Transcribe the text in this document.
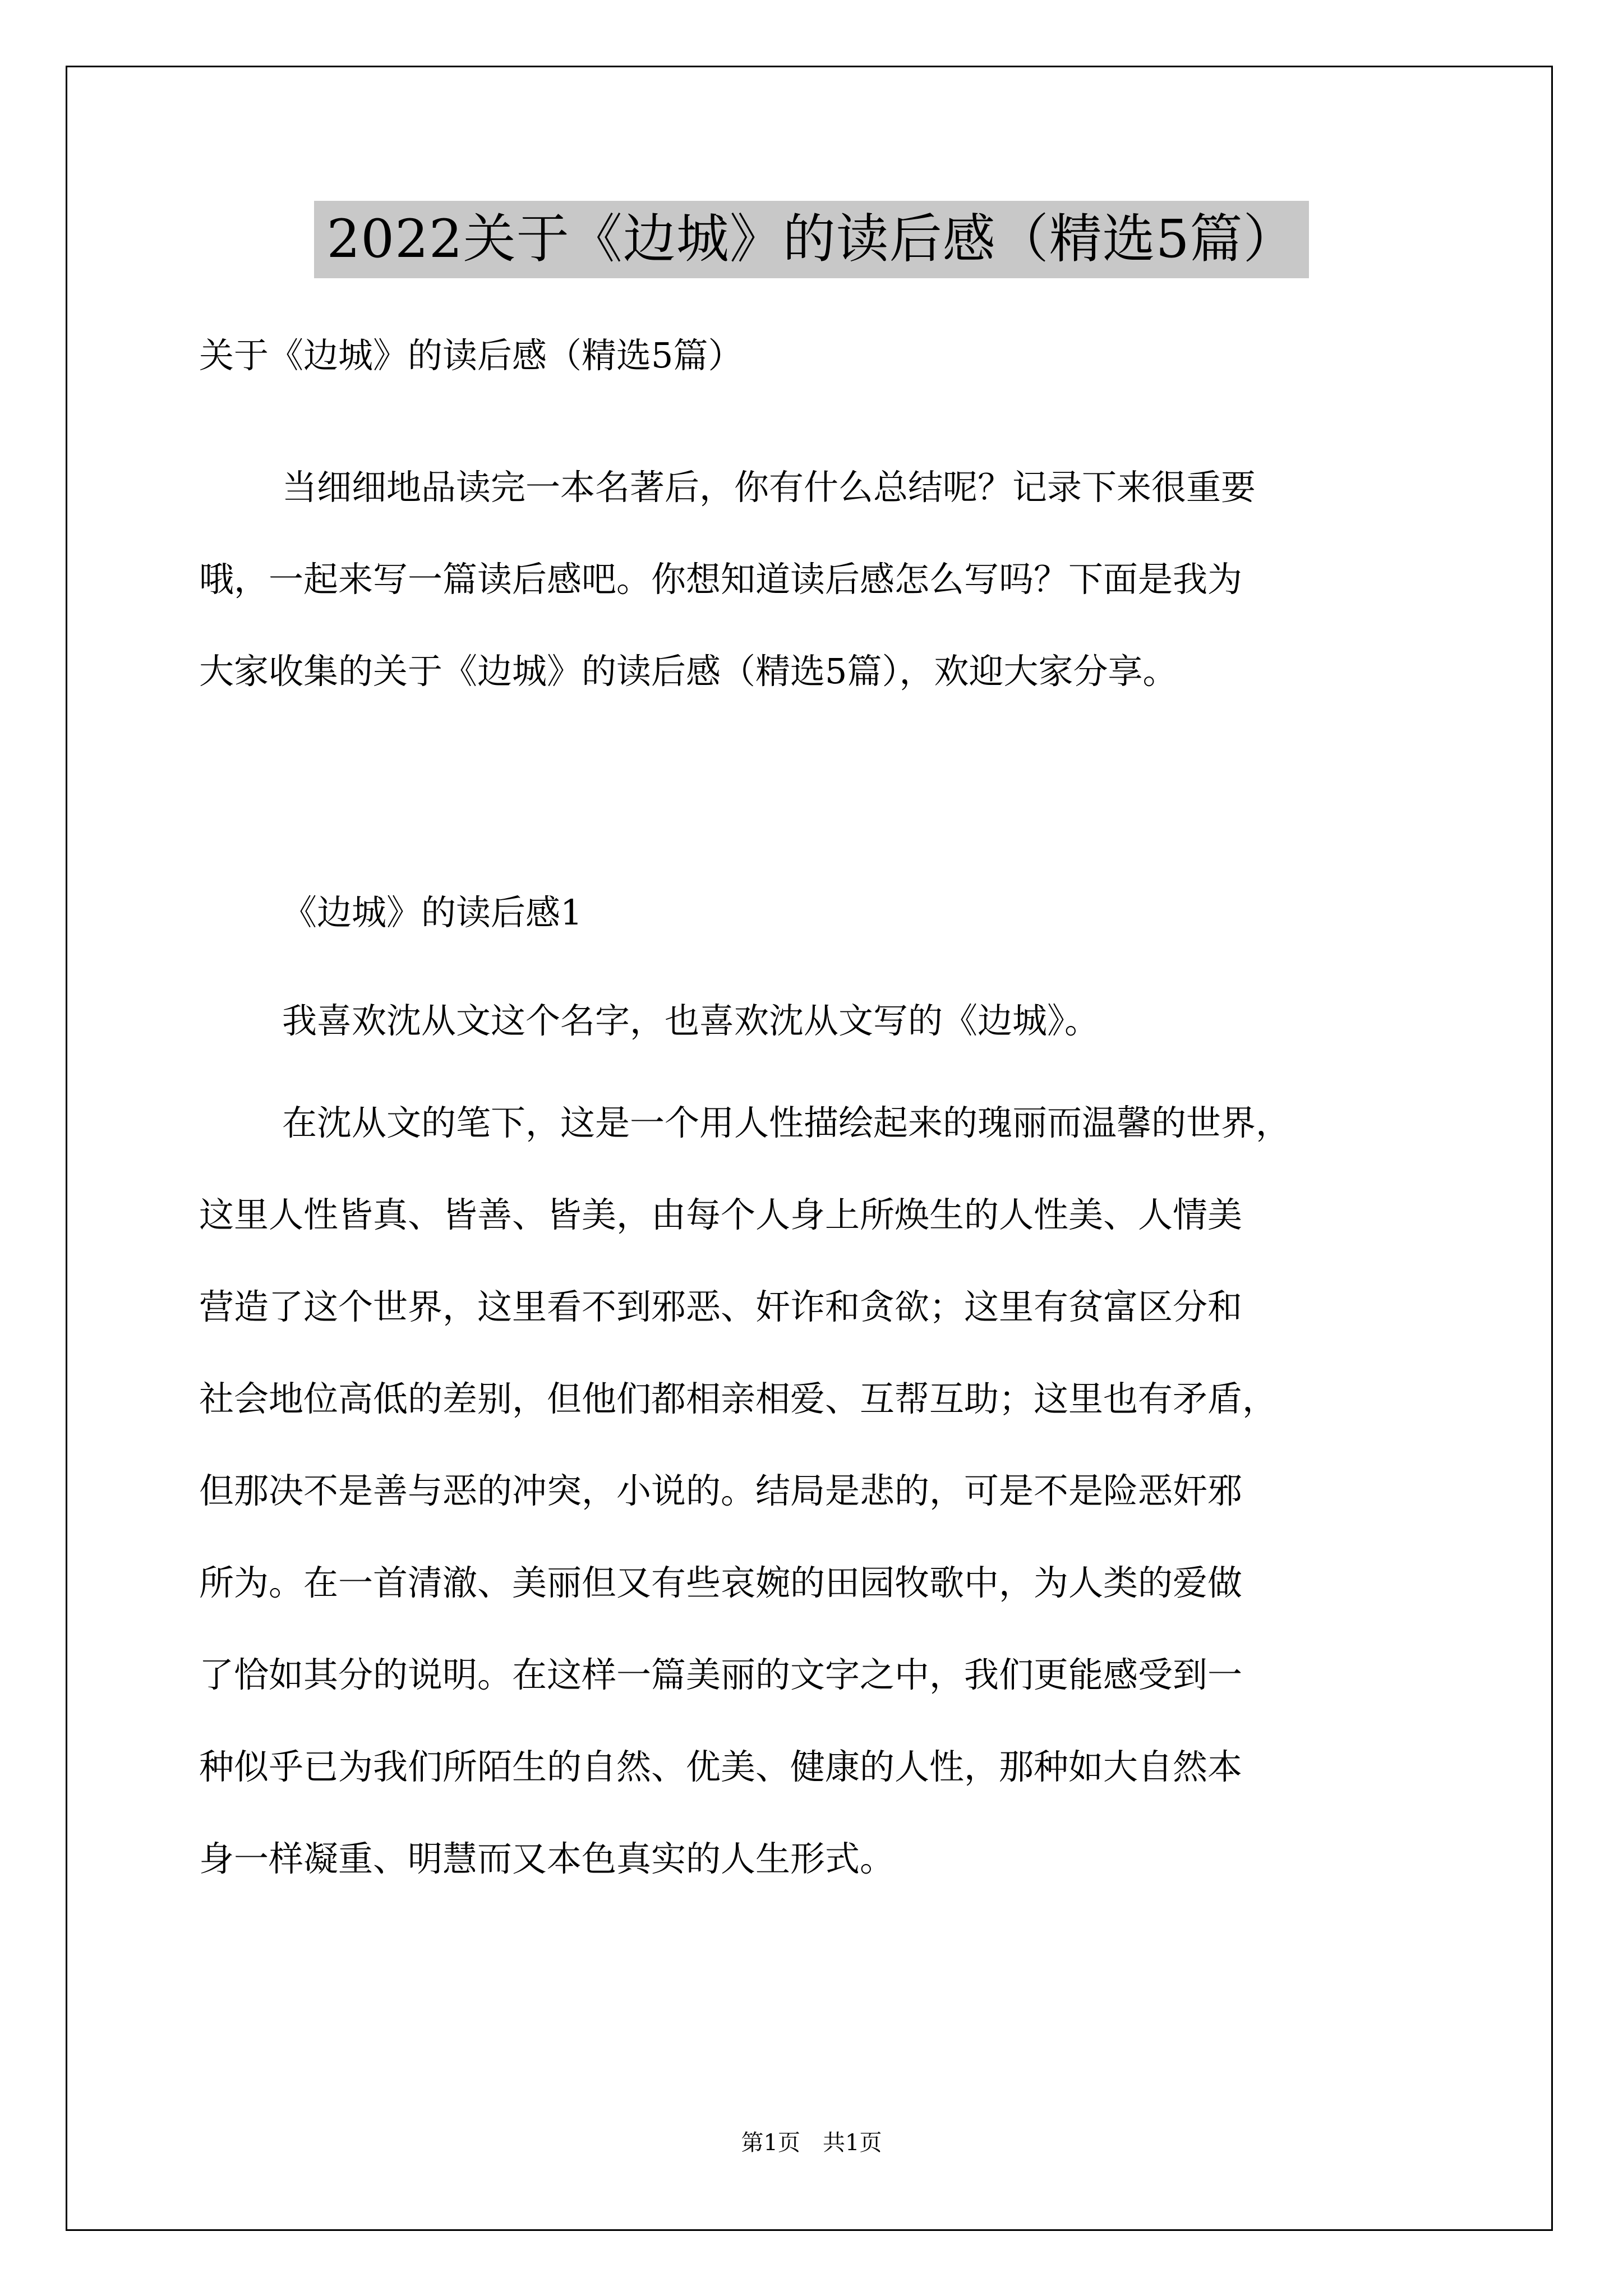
2022关于《边城》的读后感（精选5篇）
关于《边城》的读后感（精选5篇）
当细细地品读完一本名著后，你有什么总结呢？记录下来很重要
哦，一起来写一篇读后感吧。你想知道读后感怎么写吗？下面是我为
大家收集的关于《边城》的读后感（精选5篇），欢迎大家分享。
《边城》的读后感1
我喜欢沈从文这个名字，也喜欢沈从文写的《边城》。
在沈从文的笔下，这是一个用人性描绘起来的瑰丽而温馨的世界，
这里人性皆真、皆善、皆美，由每个人身上所焕生的人性美、人情美
营造了这个世界，这里看不到邪恶、奸诈和贪欲；这里有贫富区分和
社会地位高低的差别，但他们都相亲相爱、互帮互助；这里也有矛盾，
但那决不是善与恶的冲突，小说的。结局是悲的，可是不是险恶奸邪
所为。在一首清澈、美丽但又有些哀婉的田园牧歌中，为人类的爱做
了恰如其分的说明。在这样一篇美丽的文字之中，我们更能感受到一
种似乎已为我们所陌生的自然、优美、健康的人性，那种如大自然本
身一样凝重、明慧而又本色真实的人生形式。
第1页　共1页
